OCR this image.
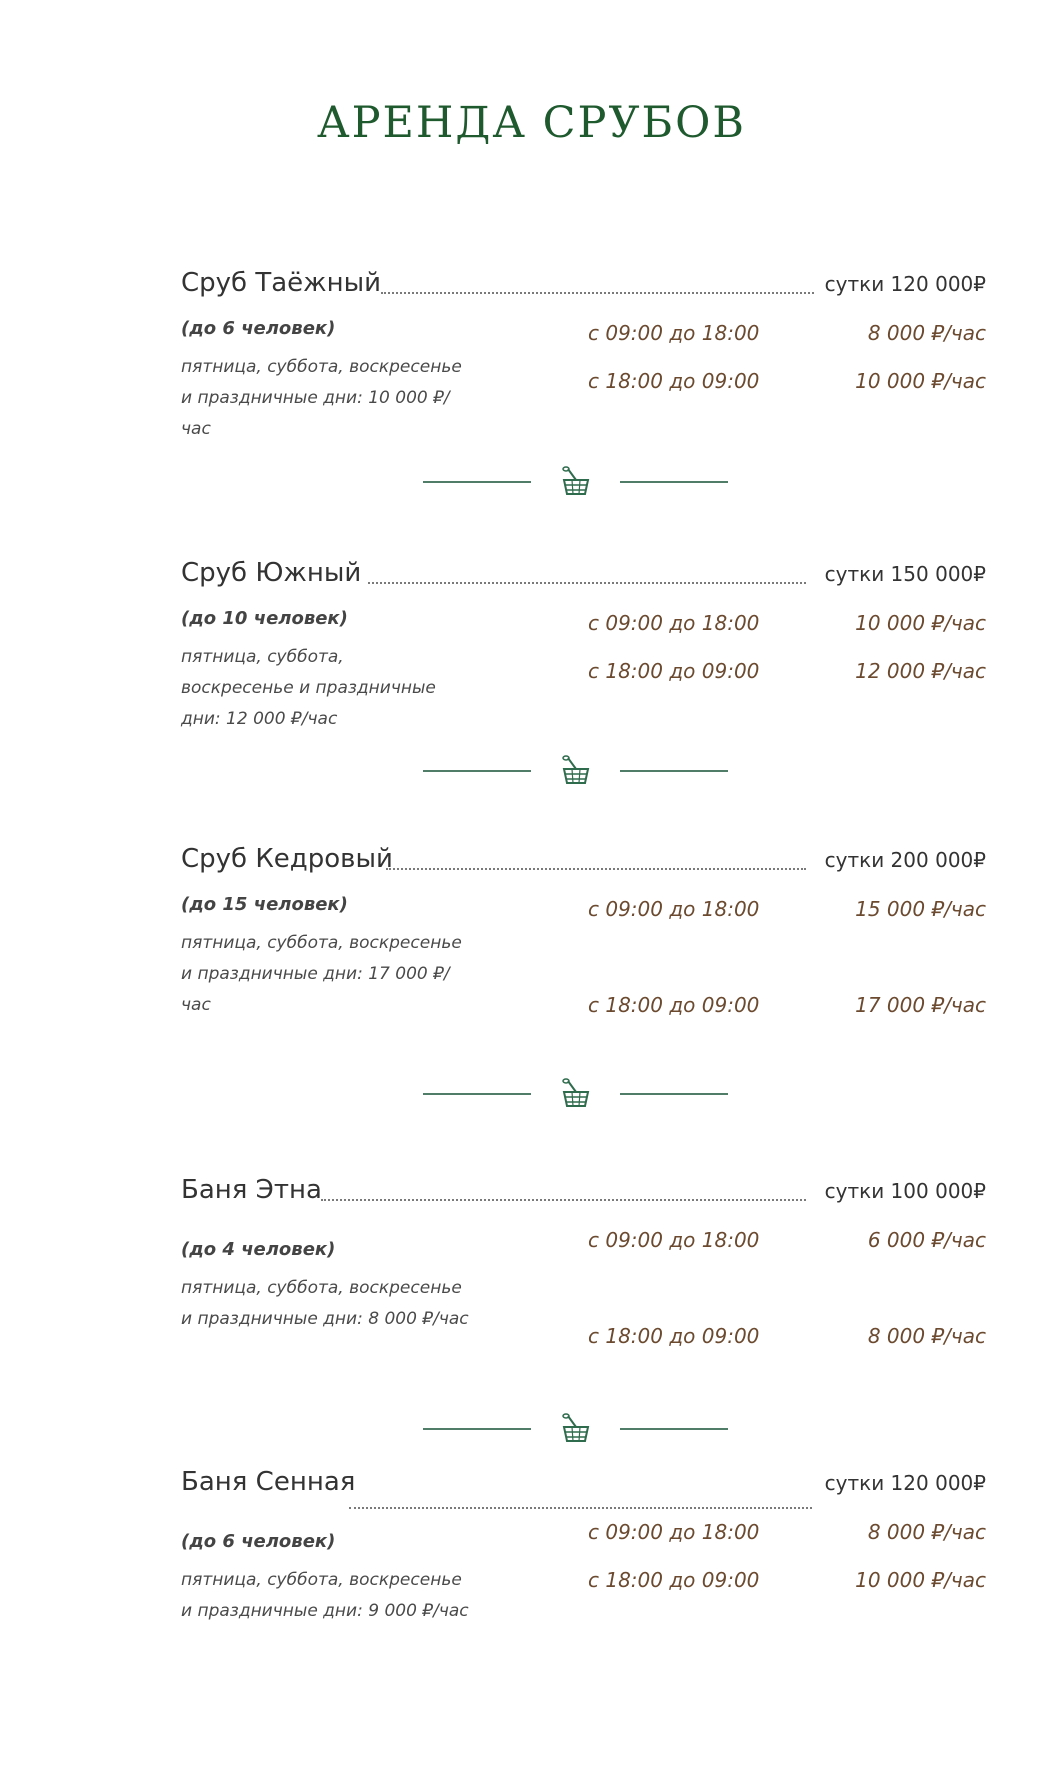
АРЕНДА СРУБОВ
Сруб Таёжный	сутки 120 000₽
(до 6 человек)
пятница, суббота, воскресенье и праздничные дни: 10 000 ₽/час
с 09:00 до 18:00	8 000 ₽/час
с 18:00 до 09:00	10 000 ₽/час
Сруб Южный	сутки 150 000₽
(до 10 человек)
пятница, суббота, воскресенье и праздничные дни: 12 000 ₽/час
с 09:00 до 18:00	10 000 ₽/час
с 18:00 до 09:00	12 000 ₽/час
Сруб Кедровый	сутки 200 000₽
(до 15 человек)
пятница, суббота, воскресенье и праздничные дни: 17 000 ₽/час
с 09:00 до 18:00	15 000 ₽/час
с 18:00 до 09:00	17 000 ₽/час
Баня Этна	сутки 100 000₽
(до 4 человек)
пятница, суббота, воскресенье и праздничные дни: 8 000 ₽/час
с 09:00 до 18:00	6 000 ₽/час
с 18:00 до 09:00	8 000 ₽/час
Баня Сенная	сутки 120 000₽
(до 6 человек)
пятница, суббота, воскресенье и праздничные дни: 9 000 ₽/час
с 09:00 до 18:00	8 000 ₽/час
с 18:00 до 09:00	10 000 ₽/час
